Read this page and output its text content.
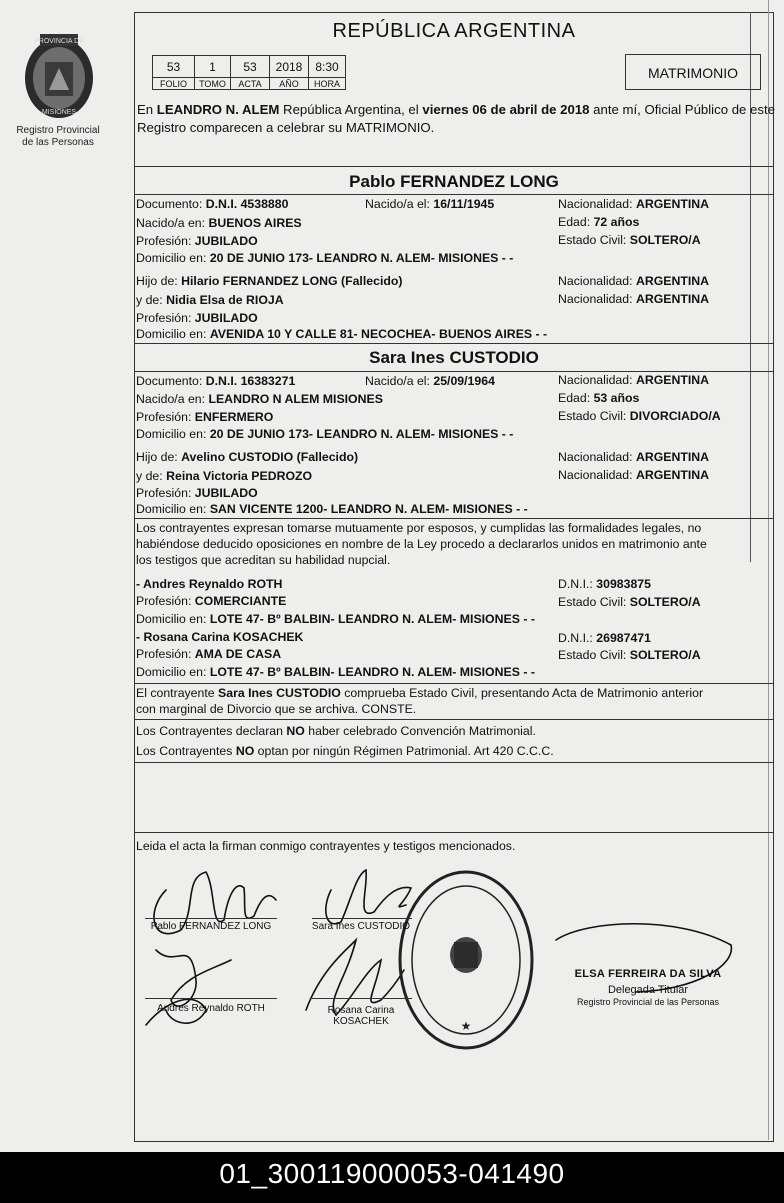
PROVINCIA DE
MISIONES
Registro Provincial
de las Personas
REPÚBLICA ARGENTINA
53	1	53	2018	8:30
FOLIO	TOMO	ACTA	AÑO	HORA
MATRIMONIO
En LEANDRO N. ALEM República Argentina, el viernes 06 de abril de 2018 ante mí, Oficial Público de este Registro comparecen a celebrar su MATRIMONIO.
Pablo FERNANDEZ LONG
Documento: D.N.I. 4538880	Nacido/a el: 16/11/1945	Nacionalidad: ARGENTINA
Nacido/a en: BUENOS AIRES	Edad: 72 años
Profesión: JUBILADO	Estado Civil: SOLTERO/A
Domicilio en: 20 DE JUNIO 173- LEANDRO N. ALEM- MISIONES - -
Hijo de: Hilario FERNANDEZ LONG (Fallecido)	Nacionalidad: ARGENTINA
y de: Nidia Elsa de RIOJA	Nacionalidad: ARGENTINA
Profesión: JUBILADO
Domicilio en: AVENIDA 10 Y CALLE 81- NECOCHEA- BUENOS AIRES - -
Sara Ines CUSTODIO
Documento: D.N.I. 16383271	Nacido/a el: 25/09/1964	Nacionalidad: ARGENTINA
Nacido/a en: LEANDRO N ALEM MISIONES	Edad: 53 años
Profesión: ENFERMERO	Estado Civil: DIVORCIADO/A
Domicilio en: 20 DE JUNIO 173- LEANDRO N. ALEM- MISIONES - -
Hijo de: Avelino CUSTODIO (Fallecido)	Nacionalidad: ARGENTINA
y de: Reina Victoria PEDROZO	Nacionalidad: ARGENTINA
Profesión: JUBILADO
Domicilio en: SAN VICENTE 1200- LEANDRO N. ALEM- MISIONES - -
Los contrayentes expresan tomarse mutuamente por esposos, y cumplidas las formalidades legales, no
habiéndose deducido oposiciones en nombre de la Ley procedo a declararlos unidos en matrimonio ante
los testigos que acreditan su habilidad nupcial.
- Andres Reynaldo ROTH	D.N.I.: 30983875
Profesión: COMERCIANTE	Estado Civil: SOLTERO/A
Domicilio en: LOTE 47- Bº BALBIN- LEANDRO N. ALEM- MISIONES - -
- Rosana Carina KOSACHEK	D.N.I.: 26987471
Profesión: AMA DE CASA	Estado Civil: SOLTERO/A
Domicilio en: LOTE 47- Bº BALBIN- LEANDRO N. ALEM- MISIONES - -
El contrayente Sara Ines CUSTODIO comprueba Estado Civil, presentando Acta de Matrimonio anterior
con marginal de Divorcio que se archiva. CONSTE.
Los Contrayentes declaran NO haber celebrado Convención Matrimonial.
Los Contrayentes NO optan por ningún Régimen Patrimonial. Art 420 C.C.C.
Leida el acta la firman conmigo contrayentes y testigos mencionados.
★
Pablo FERNANDEZ LONG	Sara Ines CUSTODIO
Andres Reynaldo ROTH	Rosana Carina
KOSACHEK
ELSA FERREIRA DA SILVA
Delegada Titular
Registro Provincial de las Personas
01_300119000053-041490
